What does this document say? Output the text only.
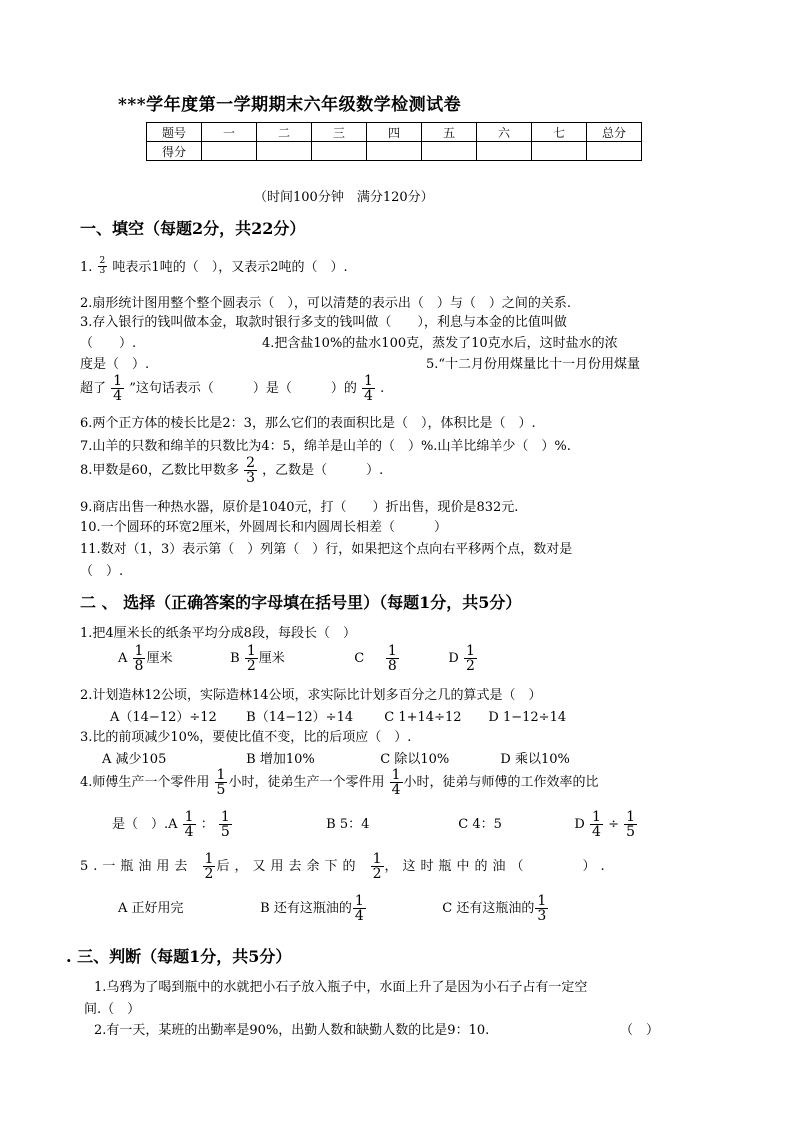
***学年度第一学期期末六年级数学检测试卷
题号	一	二	三	四	五	六	七	总分
得分								
（时间100分钟　满分120分）
一、填空（每题2分，共22分）
1. $\frac{2}{3}$ 吨表示1吨的（　），又表示2吨的（　）.
2.扇形统计图用整个整个圆表示（　），可以清楚的表示出（　）与（　）之间的关系.
3.存入银行的钱叫做本金，取款时银行多支的钱叫做（　　），利息与本金的比值叫做
（　　）.	4.把含盐10%的盐水100克，蒸发了10克水后，这时盐水的浓
度是（　）.	5.“十二月份用煤量比十一月份用煤量
超了 $\frac{1}{4}$ ”这句话表示（　　　）是（　　　）的 $\frac{1}{4}$ .
6.两个正方体的棱长比是2：3，那么它们的表面积比是（　），体积比是（　）.
7.山羊的只数和绵羊的只数比为4：5，绵羊是山羊的（　）%.山羊比绵羊少（　）%.
8.甲数是60，乙数比甲数多 $\frac{2}{3}$ ，乙数是（　　　）.
9.商店出售一种热水器，原价是1040元，打（　　）折出售，现价是832元.
10.一个圆环的环宽2厘米，外圆周长和内圆周长相差（　　　）
11.数对（1，3）表示第（　）列第（　）行，如果把这个点向右平移两个点，数对是
（　）.
二 、 选择（正确答案的字母填在括号里）（每题1分，共5分）
1.把4厘米长的纸条平均分成8段，每段长（　）
A $\frac{1}{8}$ 厘米	B $\frac{1}{2}$ 厘米	C $\frac{1}{8}$	D $\frac{1}{2}$
2.计划造林12公顷，实际造林14公顷，求实际比计划多百分之几的算式是（　）
A（14−12）÷12 B（14−12）÷14 C 1+14÷12 D 1−12÷14
3.比的前项减少10%，要使比值不变，比的后项应（　）.
A 减少105	B 增加10%	C 除以10%	D 乘以10%
4.师傅生产一个零件用 $\frac{1}{5}$ 小时，徒弟生产一个零件用 $\frac{1}{4}$ 小时，徒弟与师傅的工作效率的比
是（　）$.A \frac{1}{4}$ ： $\frac{1}{5}$	B 5：4	C 4：5	D $\frac{1}{4} \div \frac{1}{5}$
5.一瓶油用去 $\frac{1}{2}$ 后，又用去余下的 $\frac{1}{2}$ ，这时瓶中的油（　　　）.
A 正好用完	B 还有这瓶油的 $\frac{1}{4}$	C 还有这瓶油的 $\frac{1}{3}$
. 三、判断（每题1分，共5分）
1.乌鸦为了喝到瓶中的水就把小石子放入瓶子中，水面上升了是因为小石子占有一定空
间.（　）
2.有一天，某班的出勤率是90%，出勤人数和缺勤人数的比是9：10.	（　）
